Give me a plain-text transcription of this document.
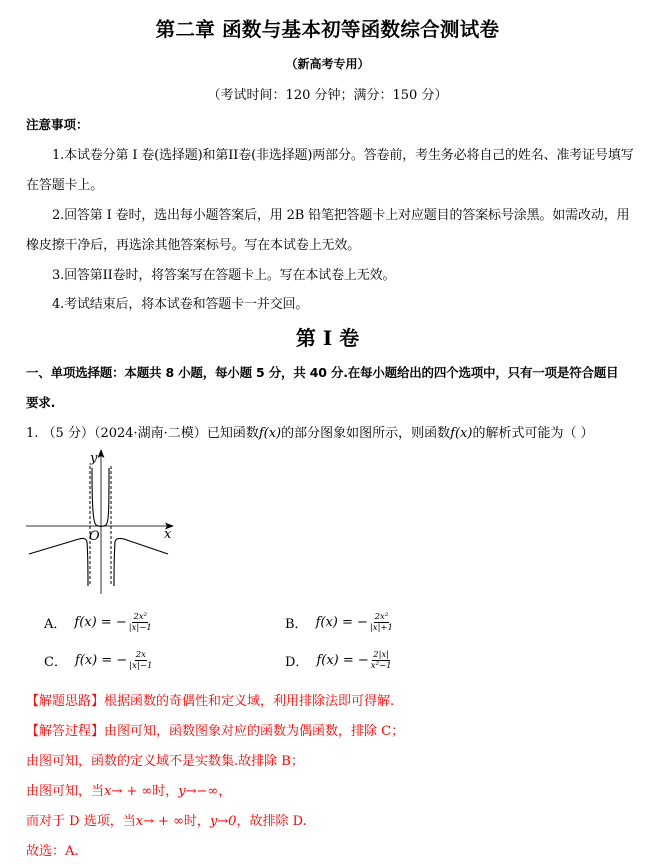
第二章 函数与基本初等函数综合测试卷
（新高考专用）
（考试时间：120 分钟；满分：150 分）
注意事项：
1.本试卷分第 I 卷(选择题)和第II卷(非选择题)两部分。答卷前，考生务必将自己的姓名、准考证号填写
在答题卡上。
2.回答第 I 卷时，选出每小题答案后，用 2B 铅笔把答题卡上对应题目的答案标号涂黑。如需改动，用
橡皮擦干净后，再选涂其他答案标号。写在本试卷上无效。
3.回答第II卷时，将答案写在答题卡上。写在本试卷上无效。
4.考试结束后，将本试卷和答题卡一并交回。
第 I 卷
一、单项选择题：本题共 8 小题，每小题 5 分，共 40 分.在每小题给出的四个选项中，只有一项是符合题目
要求.
1. （5 分）（2024·湖南·二模）已知函数f(x)的部分图象如图所示，则函数f(x)的解析式可能为（ ）
y
x
O
A． f(x) = − $\frac{\text{2x²}}{|x|-1}$	B． f(x) = − $\frac{\text{2x²}}{|x|+1}$
C． f(x) = − $\frac{2x}{|x|-1}$	D． f(x) = − $\frac{2|x|}{\text{x²−1}}$
【解题思路】根据函数的奇偶性和定义域，利用排除法即可得解.
【解答过程】由图可知，函数图象对应的函数为偶函数，排除 C；
由图可知，函数的定义域不是实数集.故排除 B；
由图可知，当x→ + ∞时，y→−∞，
而对于 D 选项，当x→ + ∞时，y→0，故排除 D.
故选：A.
